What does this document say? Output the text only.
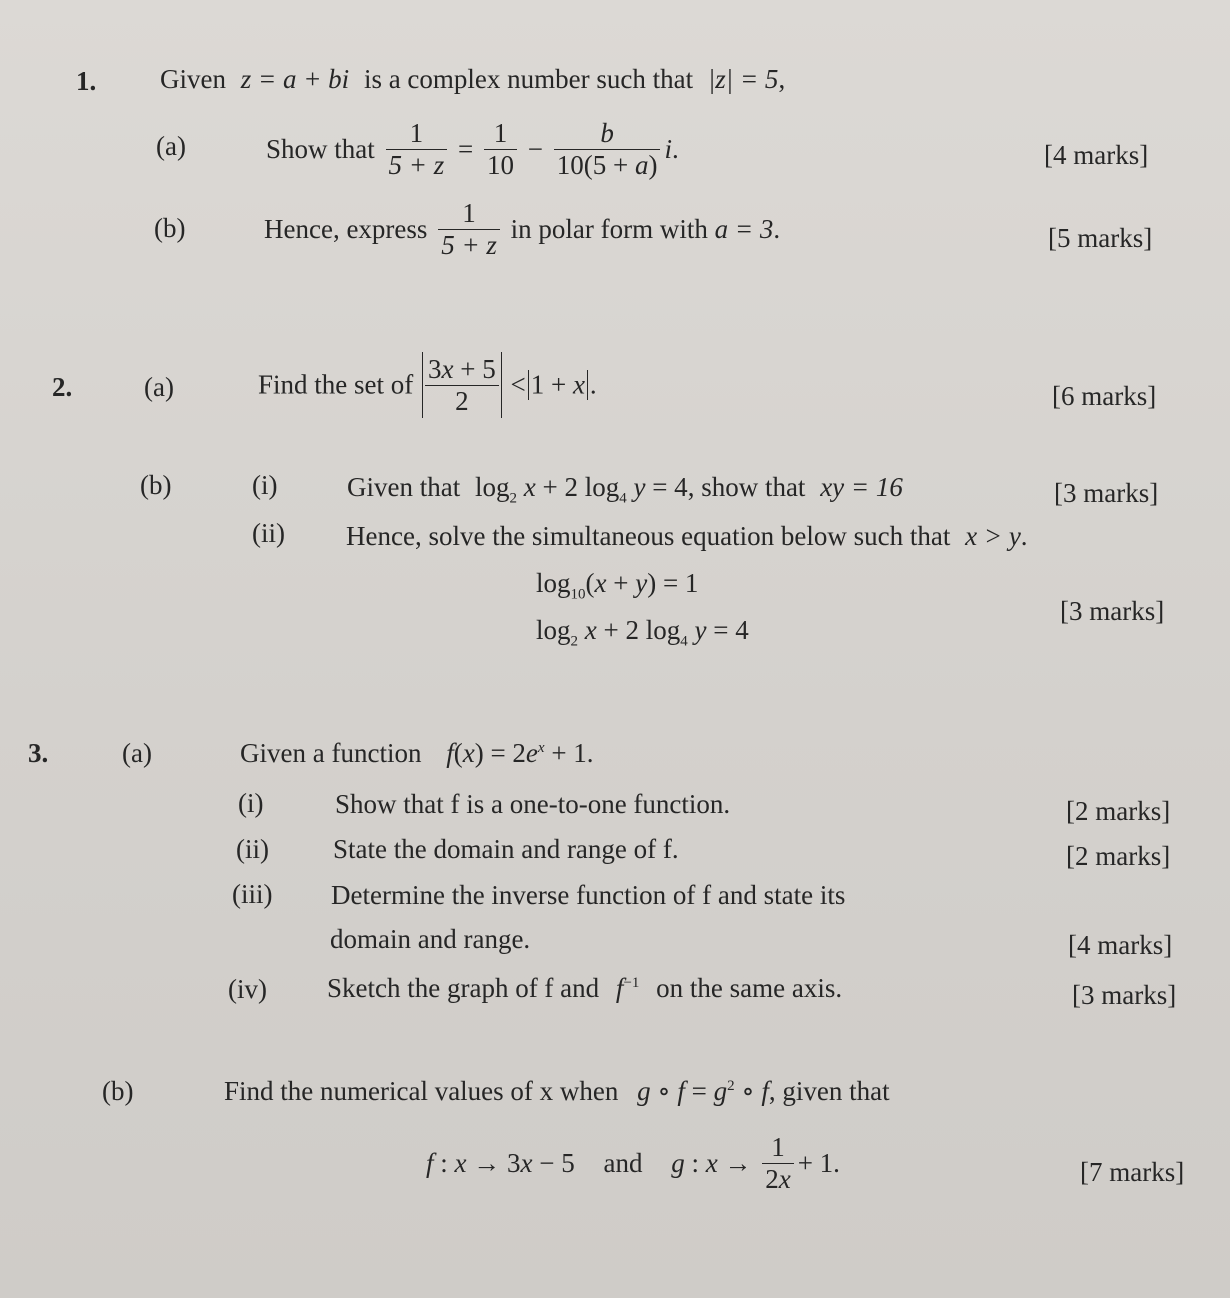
1. Given z = a + bi is a complex number such that |z| = 5,
(a)	Show that $\frac{1}{5 + z} = \frac{1}{10} - \frac{b}{10(5 + a)} i$.	[4 marks]
(b)	Hence, express $\frac{1}{5 + z}$ in polar form with a = 3.	[5 marks]
2.	(a)	Find the set of $\frac{3x + 5}{2} < 1 + x$ .	[6 marks]
(b)	(i)	Given that $\log_2 x + 2$ $\log_4 y = 4$, show that xy = 16	[3 marks]
(ii) Hence, solve the simultaneous equation below such that x > y.
$\log_{10}(x + y) = 1$
$\log_2 x + 2$ $\log_4 y = 4$
[3 marks]
3.	(a)	Given a function $f(x) = 2e^x + 1$.
(i)	Show that f is a one-to-one function.	[2 marks]
(ii) State the domain and range of f.	[2 marks]
(iii) Determine the inverse function of f and state its
domain and range.	[4 marks]
(iv) Sketch the graph of f and $f^{-1}$ on the same axis.	[3 marks]
(b)	Find the numerical values of x when g ∘ $f = g^2$ ∘ f, given that
f : x → 3x − 5 and g : $x \to \frac{1}{2x} + 1$.	[7 marks]
